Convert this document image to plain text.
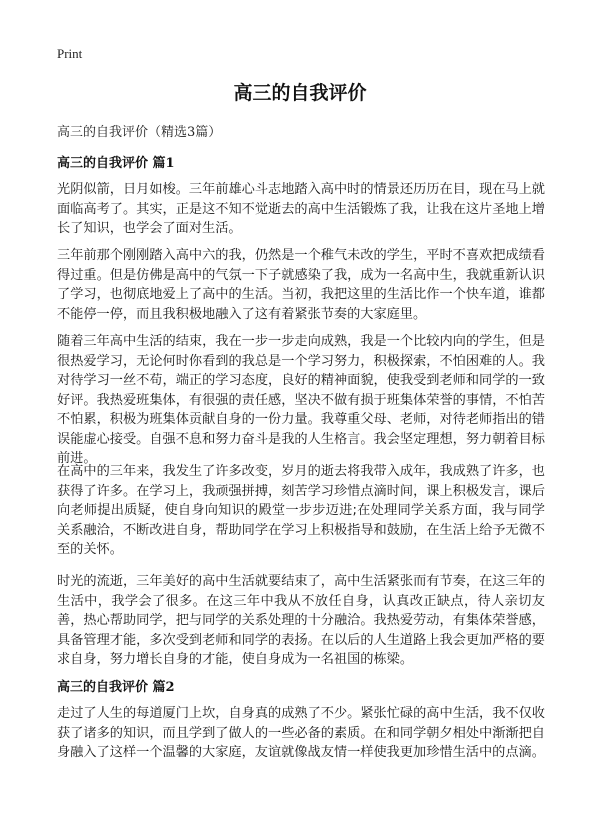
Print
高三的自我评价
高三的自我评价（精选3篇）
高三的自我评价 篇1

光阴似箭，日月如梭。三年前雄心斗志地踏入高中时的情景还历历在目，现在马上就面临高考了。其实，正是这不知不觉逝去的高中生活锻炼了我，让我在这片圣地上增长了知识，也学会了面对生活。

三年前那个刚刚踏入高中六的我，仍然是一个稚气未改的学生，平时不喜欢把成绩看得过重。但是仿佛是高中的气氛一下子就感染了我，成为一名高中生，我就重新认识了学习，也彻底地爱上了高中的生活。当初，我把这里的生活比作一个快车道，谁都不能停一停，而且我积极地融入了这有着紧张节奏的大家庭里。

随着三年高中生活的结束，我在一步一步走向成熟，我是一个比较内向的学生，但是很热爱学习，无论何时你看到的我总是一个学习努力，积极探索，不怕困难的人。我对待学习一丝不苟，端正的学习态度，良好的精神面貌，使我受到老师和同学的一致好评。我热爱班集体，有很强的责任感，坚决不做有损于班集体荣誉的事情，不怕苦不怕累，积极为班集体贡献自身的一份力量。我尊重父母、老师，对待老师指出的错误能虚心接受。自强不息和努力奋斗是我的人生格言。我会坚定理想，努力朝着目标前进。

在高中的三年来，我发生了许多改变，岁月的逝去将我带入成年，我成熟了许多，也获得了许多。在学习上，我顽强拼搏，刻苦学习珍惜点滴时间，课上积极发言，课后向老师提出质疑，使自身向知识的殿堂一步步迈进;在处理同学关系方面，我与同学关系融洽，不断改进自身，帮助同学在学习上积极指导和鼓励，在生活上给予无微不至的关怀。

时光的流逝，三年美好的高中生活就要结束了，高中生活紧张而有节奏，在这三年的生活中，我学会了很多。在这三年中我从不放任自身，认真改正缺点，待人亲切友善，热心帮助同学，把与同学的关系处理的十分融洽。我热爱劳动，有集体荣誉感，具备管理才能，多次受到老师和同学的表扬。在以后的人生道路上我会更加严格的要求自身，努力增长自身的才能，使自身成为一名祖国的栋梁。

高三的自我评价 篇2

走过了人生的每道厦门上坎，自身真的成熟了不少。紧张忙碌的高中生活，我不仅收获了诸多的知识，而且学到了做人的一些必备的素质。在和同学朝夕相处中渐渐把自身融入了这样一个温馨的大家庭，友谊就像战友情一样使我更加珍惜生活中的点滴。
